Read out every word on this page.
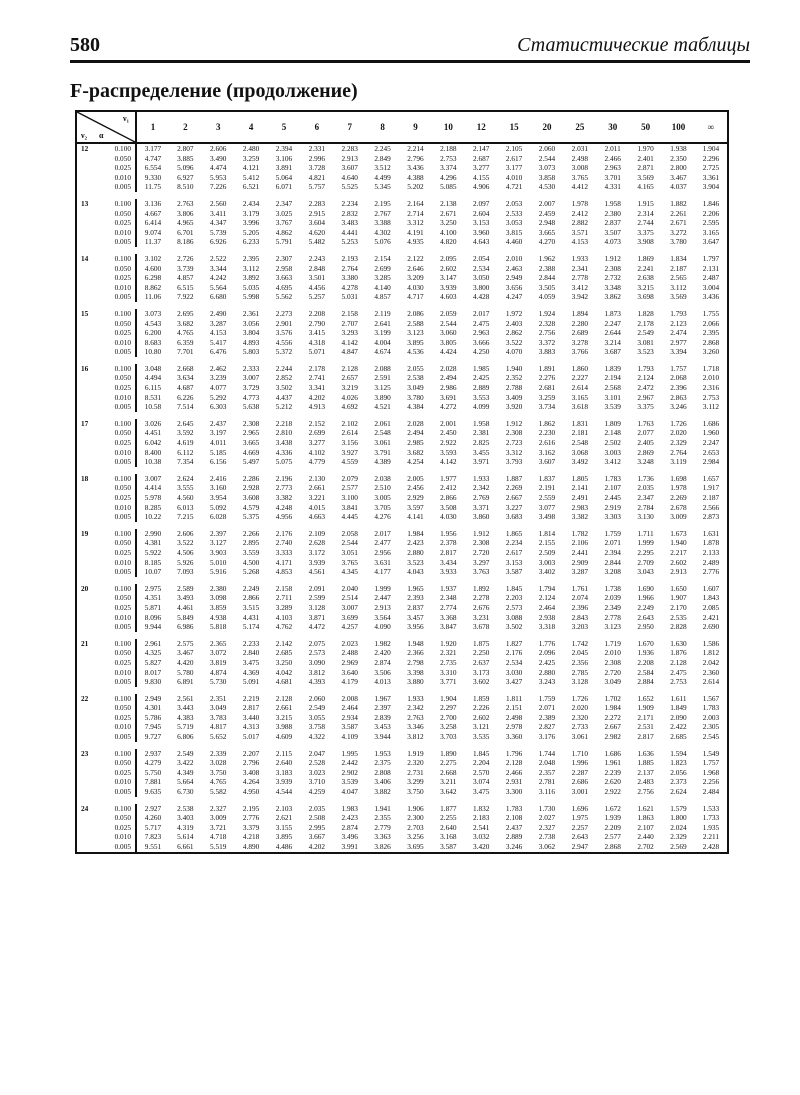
580	Статистические таблицы
F-распределение (продолжение)
ν₁
ν₂ α		1	2	3	4	5	6	7	8	9	10	12	15	20	25	30	50	100	∞
12	0.100	3.177	2.807	2.606	2.480	2.394	2.331	2.283	2.245	2.214	2.188	2.147	2.105	2.060	2.031	2.011	1.970	1.938	1.904
	0.050	4.747	3.885	3.490	3.259	3.106	2.996	2.913	2.849	2.796	2.753	2.687	2.617	2.544	2.498	2.466	2.401	2.350	2.296
	0.025	6.554	5.096	4.474	4.121	3.891	3.728	3.607	3.512	3.436	3.374	3.277	3.177	3.073	3.008	2.963	2.871	2.800	2.725
	0.010	9.330	6.927	5.953	5.412	5.064	4.821	4.640	4.499	4.388	4.296	4.155	4.010	3.858	3.765	3.701	3.569	3.467	3.361
	0.005	11.75	8.510	7.226	6.521	6.071	5.757	5.525	5.345	5.202	5.085	4.906	4.721	4.530	4.412	4.331	4.165	4.037	3.904

13	0.100	3.136	2.763	2.560	2.434	2.347	2.283	2.234	2.195	2.164	2.138	2.097	2.053	2.007	1.978	1.958	1.915	1.882	1.846
	0.050	4.667	3.806	3.411	3.179	3.025	2.915	2.832	2.767	2.714	2.671	2.604	2.533	2.459	2.412	2.380	2.314	2.261	2.206
	0.025	6.414	4.965	4.347	3.996	3.767	3.604	3.483	3.388	3.312	3.250	3.153	3.053	2.948	2.882	2.837	2.744	2.671	2.595
	0.010	9.074	6.701	5.739	5.205	4.862	4.620	4.441	4.302	4.191	4.100	3.960	3.815	3.665	3.571	3.507	3.375	3.272	3.165
	0.005	11.37	8.186	6.926	6.233	5.791	5.482	5.253	5.076	4.935	4.820	4.643	4.460	4.270	4.153	4.073	3.908	3.780	3.647

14	0.100	3.102	2.726	2.522	2.395	2.307	2.243	2.193	2.154	2.122	2.095	2.054	2.010	1.962	1.933	1.912	1.869	1.834	1.797
	0.050	4.600	3.739	3.344	3.112	2.958	2.848	2.764	2.699	2.646	2.602	2.534	2.463	2.388	2.341	2.308	2.241	2.187	2.131
	0.025	6.298	4.857	4.242	3.892	3.663	3.501	3.380	3.285	3.209	3.147	3.050	2.949	2.844	2.778	2.732	2.638	2.565	2.487
	0.010	8.862	6.515	5.564	5.035	4.695	4.456	4.278	4.140	4.030	3.939	3.800	3.656	3.505	3.412	3.348	3.215	3.112	3.004
	0.005	11.06	7.922	6.680	5.998	5.562	5.257	5.031	4.857	4.717	4.603	4.428	4.247	4.059	3.942	3.862	3.698	3.569	3.436

15	0.100	3.073	2.695	2.490	2.361	2.273	2.208	2.158	2.119	2.086	2.059	2.017	1.972	1.924	1.894	1.873	1.828	1.793	1.755
	0.050	4.543	3.682	3.287	3.056	2.901	2.790	2.707	2.641	2.588	2.544	2.475	2.403	2.328	2.280	2.247	2.178	2.123	2.066
	0.025	6.200	4.765	4.153	3.804	3.576	3.415	3.293	3.199	3.123	3.060	2.963	2.862	2.756	2.689	2.644	2.549	2.474	2.395
	0.010	8.683	6.359	5.417	4.893	4.556	4.318	4.142	4.004	3.895	3.805	3.666	3.522	3.372	3.278	3.214	3.081	2.977	2.868
	0.005	10.80	7.701	6.476	5.803	5.372	5.071	4.847	4.674	4.536	4.424	4.250	4.070	3.883	3.766	3.687	3.523	3.394	3.260

16	0.100	3.048	2.668	2.462	2.333	2.244	2.178	2.128	2.088	2.055	2.028	1.985	1.940	1.891	1.860	1.839	1.793	1.757	1.718
	0.050	4.494	3.634	3.239	3.007	2.852	2.741	2.657	2.591	2.538	2.494	2.425	2.352	2.276	2.227	2.194	2.124	2.068	2.010
	0.025	6.115	4.687	4.077	3.729	3.502	3.341	3.219	3.125	3.049	2.986	2.889	2.788	2.681	2.614	2.568	2.472	2.396	2.316
	0.010	8.531	6.226	5.292	4.773	4.437	4.202	4.026	3.890	3.780	3.691	3.553	3.409	3.259	3.165	3.101	2.967	2.863	2.753
	0.005	10.58	7.514	6.303	5.638	5.212	4.913	4.692	4.521	4.384	4.272	4.099	3.920	3.734	3.618	3.539	3.375	3.246	3.112

17	0.100	3.026	2.645	2.437	2.308	2.218	2.152	2.102	2.061	2.028	2.001	1.958	1.912	1.862	1.831	1.809	1.763	1.726	1.686
	0.050	4.451	3.592	3.197	2.965	2.810	2.699	2.614	2.548	2.494	2.450	2.381	2.308	2.230	2.181	2.148	2.077	2.020	1.960
	0.025	6.042	4.619	4.011	3.665	3.438	3.277	3.156	3.061	2.985	2.922	2.825	2.723	2.616	2.548	2.502	2.405	2.329	2.247
	0.010	8.400	6.112	5.185	4.669	4.336	4.102	3.927	3.791	3.682	3.593	3.455	3.312	3.162	3.068	3.003	2.869	2.764	2.653
	0.005	10.38	7.354	6.156	5.497	5.075	4.779	4.559	4.389	4.254	4.142	3.971	3.793	3.607	3.492	3.412	3.248	3.119	2.984

18	0.100	3.007	2.624	2.416	2.286	2.196	2.130	2.079	2.038	2.005	1.977	1.933	1.887	1.837	1.805	1.783	1.736	1.698	1.657
	0.050	4.414	3.555	3.160	2.928	2.773	2.661	2.577	2.510	2.456	2.412	2.342	2.269	2.191	2.141	2.107	2.035	1.978	1.917
	0.025	5.978	4.560	3.954	3.608	3.382	3.221	3.100	3.005	2.929	2.866	2.769	2.667	2.559	2.491	2.445	2.347	2.269	2.187
	0.010	8.285	6.013	5.092	4.579	4.248	4.015	3.841	3.705	3.597	3.508	3.371	3.227	3.077	2.983	2.919	2.784	2.678	2.566
	0.005	10.22	7.215	6.028	5.375	4.956	4.663	4.445	4.276	4.141	4.030	3.860	3.683	3.498	3.382	3.303	3.130	3.009	2.873

19	0.100	2.990	2.606	2.397	2.266	2.176	2.109	2.058	2.017	1.984	1.956	1.912	1.865	1.814	1.782	1.759	1.711	1.673	1.631
	0.050	4.381	3.522	3.127	2.895	2.740	2.628	2.544	2.477	2.423	2.378	2.308	2.234	2.155	2.106	2.071	1.999	1.940	1.878
	0.025	5.922	4.506	3.903	3.559	3.333	3.172	3.051	2.956	2.880	2.817	2.720	2.617	2.509	2.441	2.394	2.295	2.217	2.133
	0.010	8.185	5.926	5.010	4.500	4.171	3.939	3.765	3.631	3.523	3.434	3.297	3.153	3.003	2.909	2.844	2.709	2.602	2.489
	0.005	10.07	7.093	5.916	5.268	4.853	4.561	4.345	4.177	4.043	3.933	3.763	3.587	3.402	3.287	3.208	3.043	2.913	2.776

20	0.100	2.975	2.589	2.380	2.249	2.158	2.091	2.040	1.999	1.965	1.937	1.892	1.845	1.794	1.761	1.738	1.690	1.650	1.607
	0.050	4.351	3.493	3.098	2.866	2.711	2.599	2.514	2.447	2.393	2.348	2.278	2.203	2.124	2.074	2.039	1.966	1.907	1.843
	0.025	5.871	4.461	3.859	3.515	3.289	3.128	3.007	2.913	2.837	2.774	2.676	2.573	2.464	2.396	2.349	2.249	2.170	2.085
	0.010	8.096	5.849	4.938	4.431	4.103	3.871	3.699	3.564	3.457	3.368	3.231	3.088	2.938	2.843	2.778	2.643	2.535	2.421
	0.005	9.944	6.986	5.818	5.174	4.762	4.472	4.257	4.090	3.956	3.847	3.678	3.502	3.318	3.203	3.123	2.950	2.828	2.690

21	0.100	2.961	2.575	2.365	2.233	2.142	2.075	2.023	1.982	1.948	1.920	1.875	1.827	1.776	1.742	1.719	1.670	1.630	1.586
	0.050	4.325	3.467	3.072	2.840	2.685	2.573	2.488	2.420	2.366	2.321	2.250	2.176	2.096	2.045	2.010	1.936	1.876	1.812
	0.025	5.827	4.420	3.819	3.475	3.250	3.090	2.969	2.874	2.798	2.735	2.637	2.534	2.425	2.356	2.308	2.208	2.128	2.042
	0.010	8.017	5.780	4.874	4.369	4.042	3.812	3.640	3.506	3.398	3.310	3.173	3.030	2.880	2.785	2.720	2.584	2.475	2.360
	0.005	9.830	6.891	5.730	5.091	4.681	4.393	4.179	4.013	3.880	3.771	3.602	3.427	3.243	3.128	3.049	2.884	2.753	2.614

22	0.100	2.949	2.561	2.351	2.219	2.128	2.060	2.008	1.967	1.933	1.904	1.859	1.811	1.759	1.726	1.702	1.652	1.611	1.567
	0.050	4.301	3.443	3.049	2.817	2.661	2.549	2.464	2.397	2.342	2.297	2.226	2.151	2.071	2.020	1.984	1.909	1.849	1.783
	0.025	5.786	4.383	3.783	3.440	3.215	3.055	2.934	2.839	2.763	2.700	2.602	2.498	2.389	2.320	2.272	2.171	2.090	2.003
	0.010	7.945	5.719	4.817	4.313	3.988	3.758	3.587	3.453	3.346	3.258	3.121	2.978	2.827	2.733	2.667	2.531	2.422	2.305
	0.005	9.727	6.806	5.652	5.017	4.609	4.322	4.109	3.944	3.812	3.703	3.535	3.360	3.176	3.061	2.982	2.817	2.685	2.545

23	0.100	2.937	2.549	2.339	2.207	2.115	2.047	1.995	1.953	1.919	1.890	1.845	1.796	1.744	1.710	1.686	1.636	1.594	1.549
	0.050	4.279	3.422	3.028	2.796	2.640	2.528	2.442	2.375	2.320	2.275	2.204	2.128	2.048	1.996	1.961	1.885	1.823	1.757
	0.025	5.750	4.349	3.750	3.408	3.183	3.023	2.902	2.808	2.731	2.668	2.570	2.466	2.357	2.287	2.239	2.137	2.056	1.968
	0.010	7.881	5.664	4.765	4.264	3.939	3.710	3.539	3.406	3.299	3.211	3.074	2.931	2.781	2.686	2.620	2.483	2.373	2.256
	0.005	9.635	6.730	5.582	4.950	4.544	4.259	4.047	3.882	3.750	3.642	3.475	3.300	3.116	3.001	2.922	2.756	2.624	2.484

24	0.100	2.927	2.538	2.327	2.195	2.103	2.035	1.983	1.941	1.906	1.877	1.832	1.783	1.730	1.696	1.672	1.621	1.579	1.533
	0.050	4.260	3.403	3.009	2.776	2.621	2.508	2.423	2.355	2.300	2.255	2.183	2.108	2.027	1.975	1.939	1.863	1.800	1.733
	0.025	5.717	4.319	3.721	3.379	3.155	2.995	2.874	2.779	2.703	2.640	2.541	2.437	2.327	2.257	2.209	2.107	2.024	1.935
	0.010	7.823	5.614	4.718	4.218	3.895	3.667	3.496	3.363	3.256	3.168	3.032	2.889	2.738	2.643	2.577	2.440	2.329	2.211
	0.005	9.551	6.661	5.519	4.890	4.486	4.202	3.991	3.826	3.695	3.587	3.420	3.246	3.062	2.947	2.868	2.702	2.569	2.428
